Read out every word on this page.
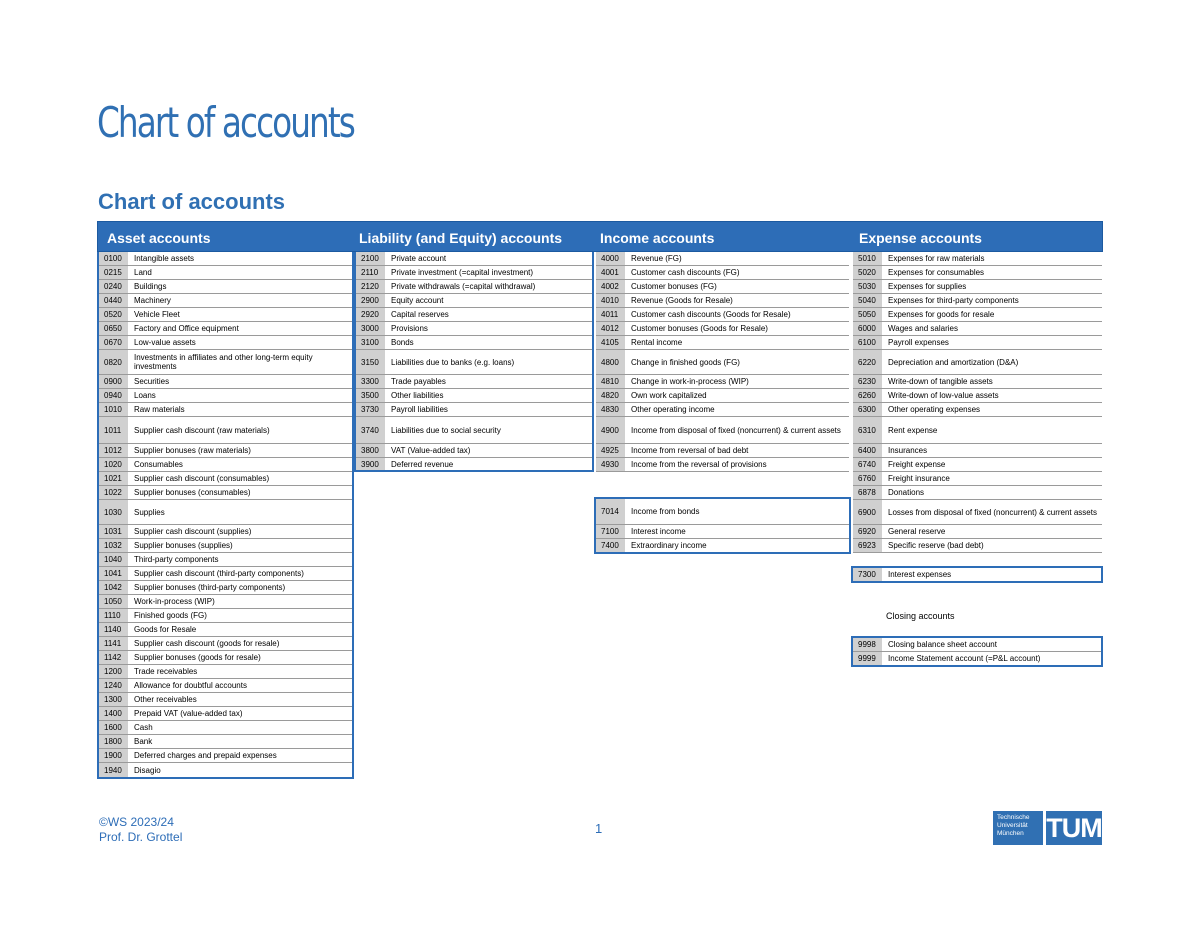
Chart of accounts
Chart of accounts
Asset accounts	Liability (and Equity) accounts	Income accounts	Expense accounts
0100	Intangible assets
0215	Land
0240	Buildings
0440	Machinery
0520	Vehicle Fleet
0650	Factory and Office equipment
0670	Low-value assets
0820	Investments in affiliates and other long-term equity investments
0900	Securities
0940	Loans
1010	Raw materials
1011	Supplier cash discount (raw materials)
1012	Supplier bonuses (raw materials)
1020	Consumables
1021	Supplier cash discount (consumables)
1022	Supplier bonuses (consumables)
1030	Supplies
1031	Supplier cash discount (supplies)
1032	Supplier bonuses (supplies)
1040	Third-party components
1041	Supplier cash discount (third-party components)
1042	Supplier bonuses (third-party components)
1050	Work-in-process (WIP)
1110	Finished goods (FG)
1140	Goods for Resale
1141	Supplier cash discount (goods for resale)
1142	Supplier bonuses (goods for resale)
1200	Trade receivables
1240	Allowance for doubtful accounts
1300	Other receivables
1400	Prepaid VAT (value-added tax)
1600	Cash
1800	Bank
1900	Deferred charges and prepaid expenses
1940	Disagio
2100	Private account
2110	Private investment (=capital investment)
2120	Private withdrawals (=capital withdrawal)
2900	Equity account
2920	Capital reserves
3000	Provisions
3100	Bonds
3150	Liabilities due to banks (e.g. loans)
3300	Trade payables
3500	Other liabilities
3730	Payroll liabilities
3740	Liabilities due to social security
3800	VAT (Value-added tax)
3900	Deferred revenue
4000	Revenue (FG)
4001	Customer cash discounts (FG)
4002	Customer bonuses (FG)
4010	Revenue (Goods for Resale)
4011	Customer cash discounts (Goods for Resale)
4012	Customer bonuses (Goods for Resale)
4105	Rental income
4800	Change in finished goods (FG)
4810	Change in work-in-process (WIP)
4820	Own work capitalized
4830	Other operating income
4900	Income from disposal of fixed (noncurrent) & current assets
4925	Income from reversal of bad debt
4930	Income from the reversal of provisions
7014	Income from bonds
7100	Interest income
7400	Extraordinary income
5010	Expenses for raw materials
5020	Expenses for consumables
5030	Expenses for supplies
5040	Expenses for third-party components
5050	Expenses for goods for resale
6000	Wages and salaries
6100	Payroll expenses
6220	Depreciation and amortization (D&A)
6230	Write-down of tangible assets
6260	Write-down of low-value assets
6300	Other operating expenses
6310	Rent expense
6400	Insurances
6740	Freight expense
6760	Freight insurance
6878	Donations
6900	Losses from disposal of fixed (noncurrent) & current assets
6920	General reserve
6923	Specific reserve (bad debt)
7300	Interest expenses
Closing accounts
9998	Closing balance sheet account
9999	Income Statement account (=P&L account)
©WS 2023/24
Prof. Dr. Grottel
1
Technische
Universität
München TUM
